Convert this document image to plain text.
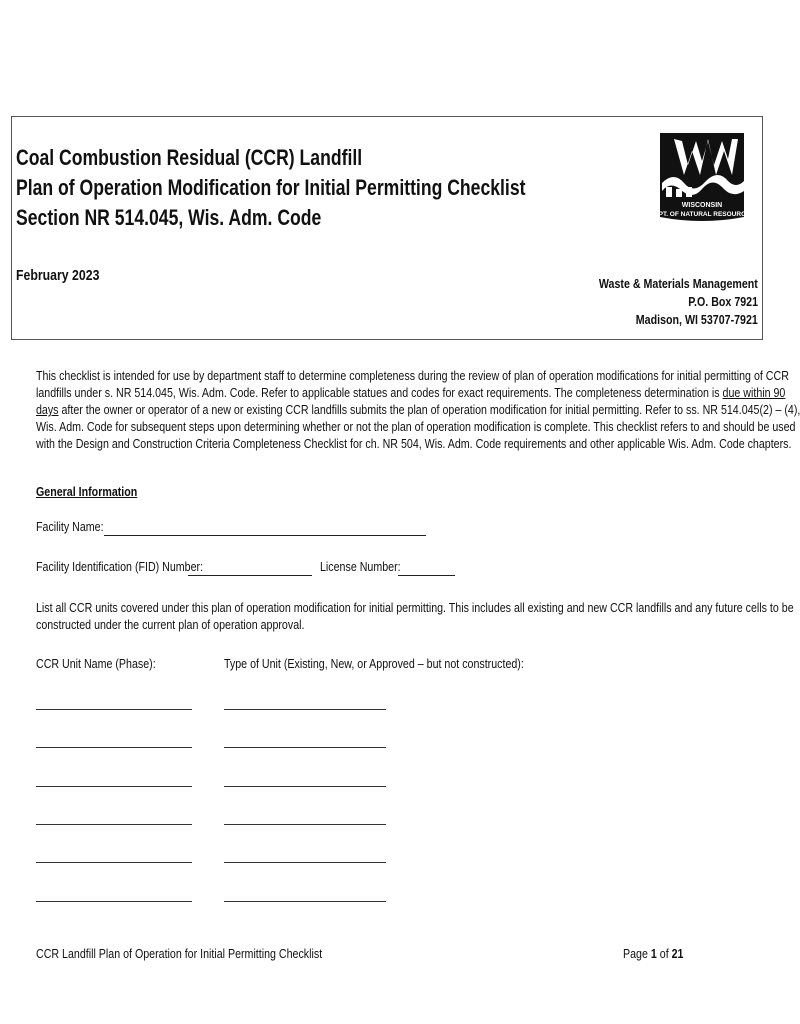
Coal Combustion Residual (CCR) Landfill
Plan of Operation Modification for Initial Permitting Checklist
Section NR 514.045, Wis. Adm. Code
February 2023
WISCONSIN
DEPT. OF NATURAL RESOURCES
Waste & Materials Management
P.O. Box 7921
Madison, WI 53707-7921
This checklist is intended for use by department staff to determine completeness during the review of plan of operation modifications for initial permitting of CCR
landfills under s. NR 514.045, Wis. Adm. Code. Refer to applicable statues and codes for exact requirements. The completeness determination is due within 90
days after the owner or operator of a new or existing CCR landfills submits the plan of operation modification for initial permitting. Refer to ss. NR 514.045(2) – (4),
Wis. Adm. Code for subsequent steps upon determining whether or not the plan of operation modification is complete. This checklist refers to and should be used
with the Design and Construction Criteria Completeness Checklist for ch. NR 504, Wis. Adm. Code requirements and other applicable Wis. Adm. Code chapters.
General Information
Facility Name:
Facility Identification (FID) Number:	License Number:
List all CCR units covered under this plan of operation modification for initial permitting. This includes all existing and new CCR landfills and any future cells to be
constructed under the current plan of operation approval.
CCR Unit Name (Phase):	Type of Unit (Existing, New, or Approved – but not constructed):
CCR Landfill Plan of Operation for Initial Permitting Checklist	Page 1 of 21
